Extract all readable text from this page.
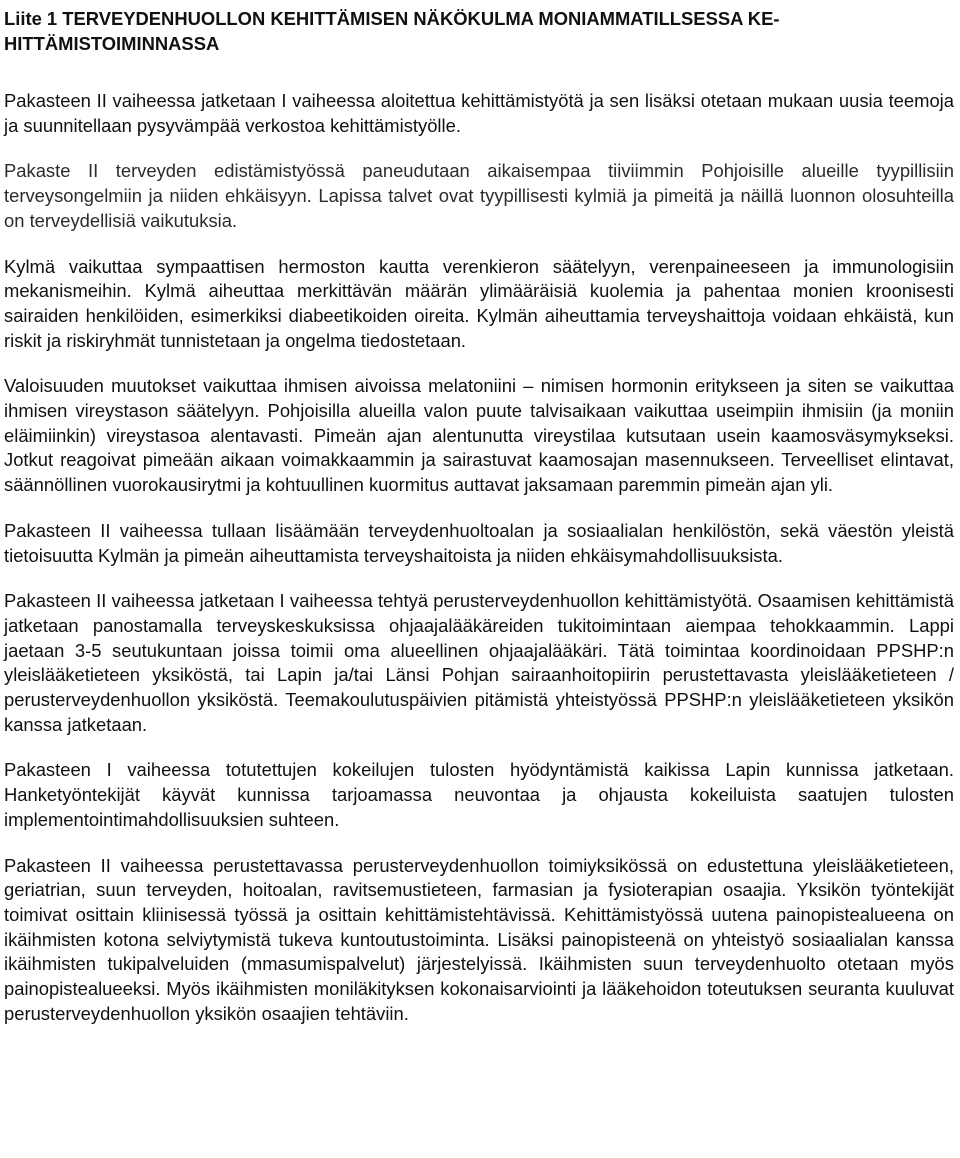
Liite 1 TERVEYDENHUOLLON KEHITTÄMISEN NÄKÖKULMA MONIAMMATILLSESSA KE-HITTÄMISTOIMINNASSA

Pakasteen II vaiheessa jatketaan I vaiheessa aloitettua kehittämistyötä ja sen lisäksi otetaan mukaan uusia teemoja ja suunnitellaan pysyvämpää verkostoa kehittämistyölle.

Pakaste II terveyden edistämistyössä paneudutaan aikaisempaa tiiviimmin Pohjoisille alueille tyypillisiin terveysongelmiin ja niiden ehkäisyyn. Lapissa talvet ovat tyypillisesti kylmiä ja pimeitä ja näillä luonnon olosuhteilla on terveydellisiä vaikutuksia.

Kylmä vaikuttaa sympaattisen hermoston kautta verenkieron säätelyyn, verenpaineeseen ja immunologisiin mekanismeihin. Kylmä aiheuttaa merkittävän määrän ylimääräisiä kuolemia ja pahentaa monien kroonisesti sairaiden henkilöiden, esimerkiksi diabeetikoiden oireita. Kylmän aiheuttamia terveyshaittoja voidaan ehkäistä, kun riskit ja riskiryhmät tunnistetaan ja ongelma tiedostetaan.

Valoisuuden muutokset vaikuttaa ihmisen aivoissa melatoniini – nimisen hormonin eritykseen ja siten se vaikuttaa ihmisen vireystason säätelyyn. Pohjoisilla alueilla valon puute talvisaikaan vaikuttaa useimpiin ihmisiin (ja moniin eläimiinkin) vireystasoa alentavasti. Pimeän ajan alentunutta vireystilaa kutsutaan usein kaamosväsymykseksi. Jotkut reagoivat pimeään aikaan voimakkaammin ja sairastuvat kaamosajan masennukseen. Terveelliset elintavat, säännöllinen vuorokausirytmi ja kohtuullinen kuormitus auttavat jaksamaan paremmin pimeän ajan yli.

Pakasteen II vaiheessa tullaan lisäämään terveydenhuoltoalan ja sosiaalialan henkilöstön, sekä väestön yleistä tietoisuutta Kylmän ja pimeän aiheuttamista terveyshaitoista ja niiden ehkäisymahdollisuuksista.

Pakasteen II vaiheessa jatketaan I vaiheessa tehtyä perusterveydenhuollon kehittämistyötä. Osaamisen kehittämistä jatketaan panostamalla terveyskeskuksissa ohjaajalääkäreiden tukitoimintaan aiempaa tehokkaammin. Lappi jaetaan 3-5 seutukuntaan joissa toimii oma alueellinen ohjaajalääkäri. Tätä toimintaa koordinoidaan PPSHP:n yleislääketieteen yksiköstä, tai Lapin ja/tai Länsi Pohjan sairaanhoitopiirin perustettavasta yleislääketieteen / perusterveydenhuollon yksiköstä. Teemakoulutuspäivien pitämistä yhteistyössä PPSHP:n yleislääketieteen yksikön kanssa jatketaan.

Pakasteen I vaiheessa totutettujen kokeilujen tulosten hyödyntämistä kaikissa Lapin kunnissa jatketaan. Hanketyöntekijät käyvät kunnissa tarjoamassa neuvontaa ja ohjausta kokeiluista saatujen tulosten implementointimahdollisuuksien suhteen.

Pakasteen II vaiheessa perustettavassa perusterveydenhuollon toimiyksikössä on edustettuna yleislääketieteen, geriatrian, suun terveyden, hoitoalan, ravitsemustieteen, farmasian ja fysioterapian osaajia. Yksikön työntekijät toimivat osittain kliinisessä työssä ja osittain kehittämistehtävissä. Kehittämistyössä uutena painopistealueena on ikäihmisten kotona selviytymistä tukeva kuntoutustoiminta. Lisäksi painopisteenä on yhteistyö sosiaalialan kanssa ikäihmisten tukipalveluiden (mmasumispalvelut) järjestelyissä. Ikäihmisten suun terveydenhuolto otetaan myös painopistealueeksi. Myös ikäihmisten moniläkityksen kokonaisarviointi ja lääkehoidon toteutuksen seuranta kuuluvat perusterveydenhuollon yksikön osaajien tehtäviin.
